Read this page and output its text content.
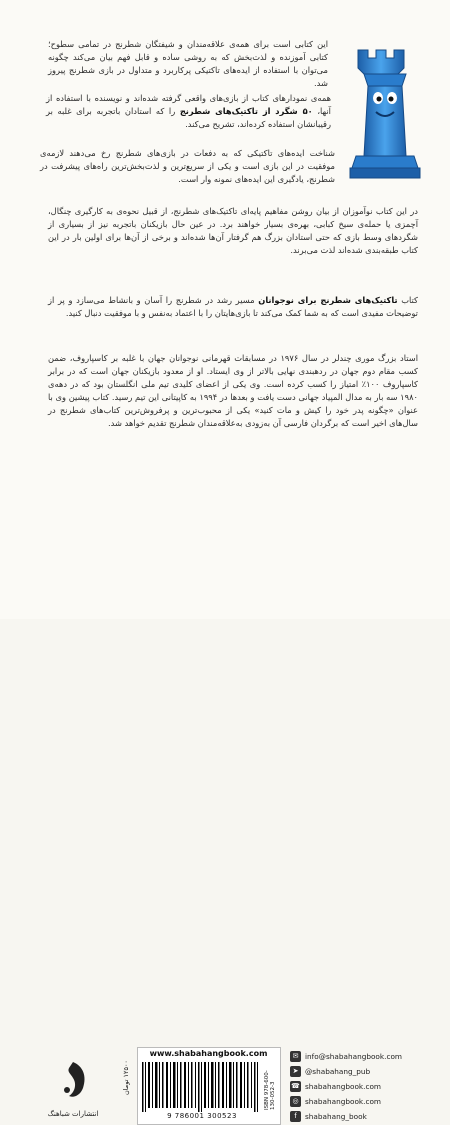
این کتابی است برای همه‌ی علاقه‌مندان و شیفتگان شطرنج در تمامی سطوح؛ کتابی آموزنده و لذت‌بخش که به روشی ساده و قابل فهم بیان می‌کند چگونه می‌توان با استفاده از ایده‌های تاکتیکی پرکاربرد و متداول در بازی شطرنج پیروز شد.

همه‌ی نمودارهای کتاب از بازی‌های واقعی گرفته شده‌اند و نویسنده با استفاده از آنها، ۵۰ شگرد از تاکتیک‌های شطرنج را که استادان باتجربه برای غلبه بر رقیبانشان استفاده کرده‌اند، تشریح می‌کند.

شناخت ایده‌های تاکتیکی که به دفعات در بازی‌های شطرنج رخ می‌دهند لازمه‌ی موفقیت در این بازی است و یکی از سریع‌ترین و لذت‌بخش‌ترین راه‌های پیشرفت در شطرنج، یادگیری این ایده‌های نمونه وار است.

در این کتاب نوآموزان از بیان روشن مفاهیم پایه‌ای تاکتیک‌های شطرنج، از قبیل نحوه‌ی به کارگیری چنگال، آچمزی یا حمله‌ی سیخ کبابی، بهره‌ی بسیار خواهند برد. در عین حال بازیکنان باتجربه نیز از بسیاری از شگردهای وسط بازی که حتی استادان بزرگ هم گرفتار آن‌ها شده‌اند و برخی از آن‌ها برای اولین بار در این کتاب طبقه‌بندی شده‌اند لذت می‌برند.

کتاب تاکتیک‌های شطرنج برای نوجوانان مسیر رشد در شطرنج را آسان و بانشاط می‌سازد و پر از توضیحات مفیدی است که به شما کمک می‌کند تا بازی‌هایتان را با اعتماد به‌نفس و با موفقیت دنبال کنید.

استاد بزرگ موری چندلر در سال ۱۹۷۶ در مسابقات قهرمانی نوجوانان جهان با غلبه بر کاسپاروف، ضمن کسب مقام دوم جهان در ردهبندی نهایی بالاتر از وی ایستاد. او از معدود بازیکنان جهان است که در برابر کاسپاروف ۱۰۰٪ امتیاز را کسب کرده است. وی یکی از اعضای کلیدی تیم ملی انگلستان بود که در دهه‌ی ۱۹۸۰ سه بار به مدال المپیاد جهانی دست یافت و بعدها در ۱۹۹۴ به کاپیتانی این تیم رسید. کتاب پیشین وی با عنوان «چگونه پدر خود را کیش و مات کنید» یکی از محبوب‌ترین و پرفروش‌ترین کتاب‌های شطرنج در سال‌های اخیر است که برگردان فارسی آن به‌زودی به‌علاقه‌مندان شطرنج تقدیم خواهد شد.

انتشارات شباهنگ
۱۲۵۰۰ تومان
www.shabahangbook.com
ISBN 978-600-130-052-3
9 786001 300523
✉ info@shabahangbook.com
➤ @shabahang_pub
☎ shabahangbook.com
◎ shabahangbook.com
f	shabahang_book
